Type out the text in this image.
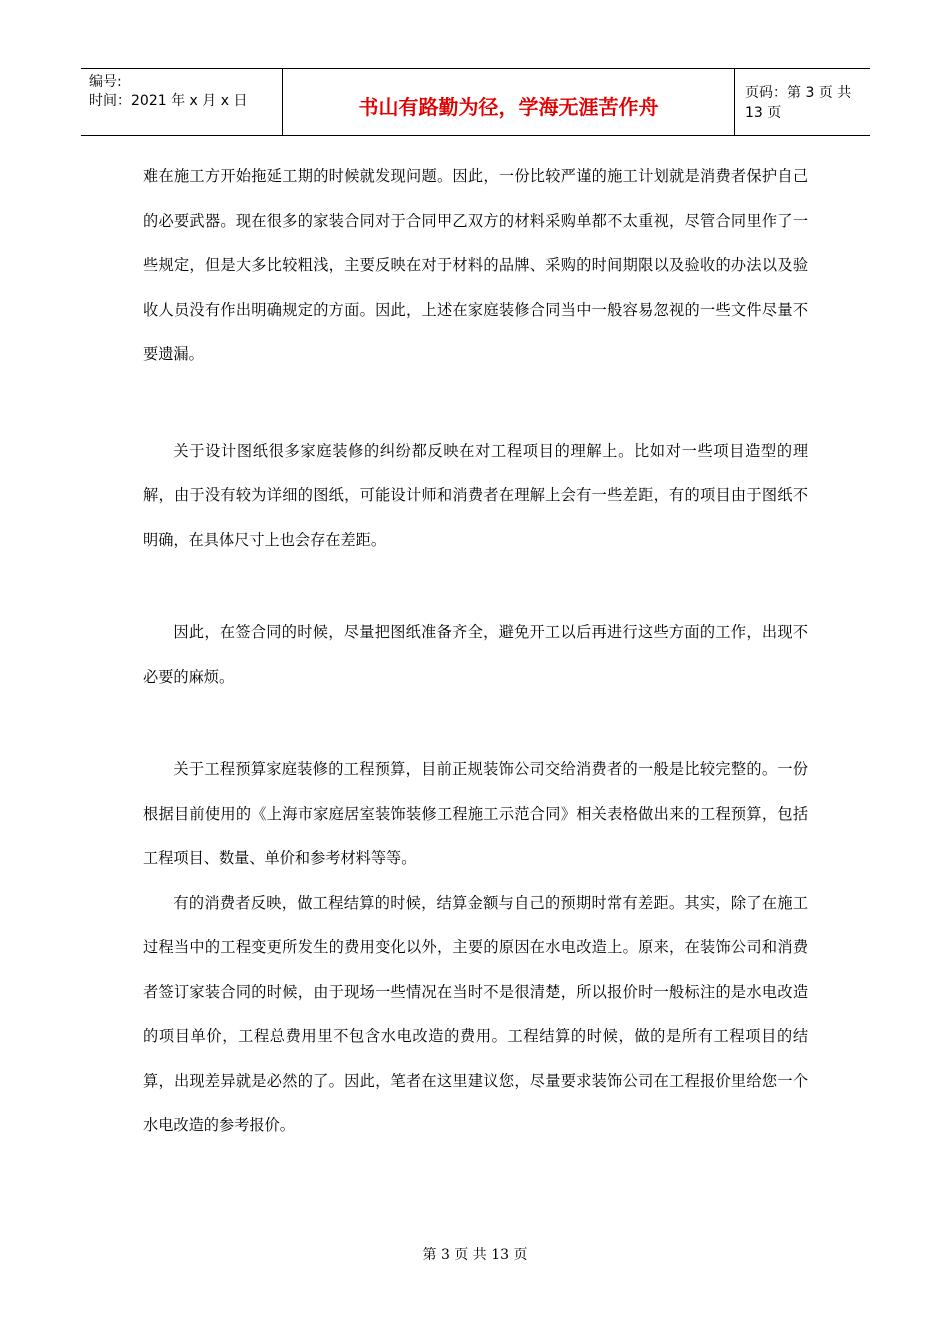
编号:
时间：2021 年 x 月 x 日	书山有路勤为径，学海无涯苦作舟
页码：第 3 页 共 13 页

难在施工方开始拖延工期的时候就发现问题。因此，一份比较严谨的施工计划就是消费者保护自己的必要武器。现在很多的家装合同对于合同甲乙双方的材料采购单都不太重视，尽管合同里作了一些规定，但是大多比较粗浅，主要反映在对于材料的品牌、采购的时间期限以及验收的办法以及验收人员没有作出明确规定的方面。因此，上述在家庭装修合同当中一般容易忽视的一些文件尽量不要遗漏。

关于设计图纸很多家庭装修的纠纷都反映在对工程项目的理解上。比如对一些项目造型的理解，由于没有较为详细的图纸，可能设计师和消费者在理解上会有一些差距，有的项目由于图纸不明确，在具体尺寸上也会存在差距。

因此，在签合同的时候，尽量把图纸准备齐全，避免开工以后再进行这些方面的工作，出现不必要的麻烦。

关于工程预算家庭装修的工程预算，目前正规装饰公司交给消费者的一般是比较完整的。一份根据目前使用的《上海市家庭居室装饰装修工程施工示范合同》相关表格做出来的工程预算，包括工程项目、数量、单价和参考材料等等。

有的消费者反映，做工程结算的时候，结算金额与自己的预期时常有差距。其实，除了在施工过程当中的工程变更所发生的费用变化以外，主要的原因在水电改造上。原来，在装饰公司和消费者签订家装合同的时候，由于现场一些情况在当时不是很清楚，所以报价时一般标注的是水电改造的项目单价，工程总费用里不包含水电改造的费用。工程结算的时候，做的是所有工程项目的结算，出现差异就是必然的了。因此，笔者在这里建议您，尽量要求装饰公司在工程报价里给您一个水电改造的参考报价。

第 3 页 共 13 页
